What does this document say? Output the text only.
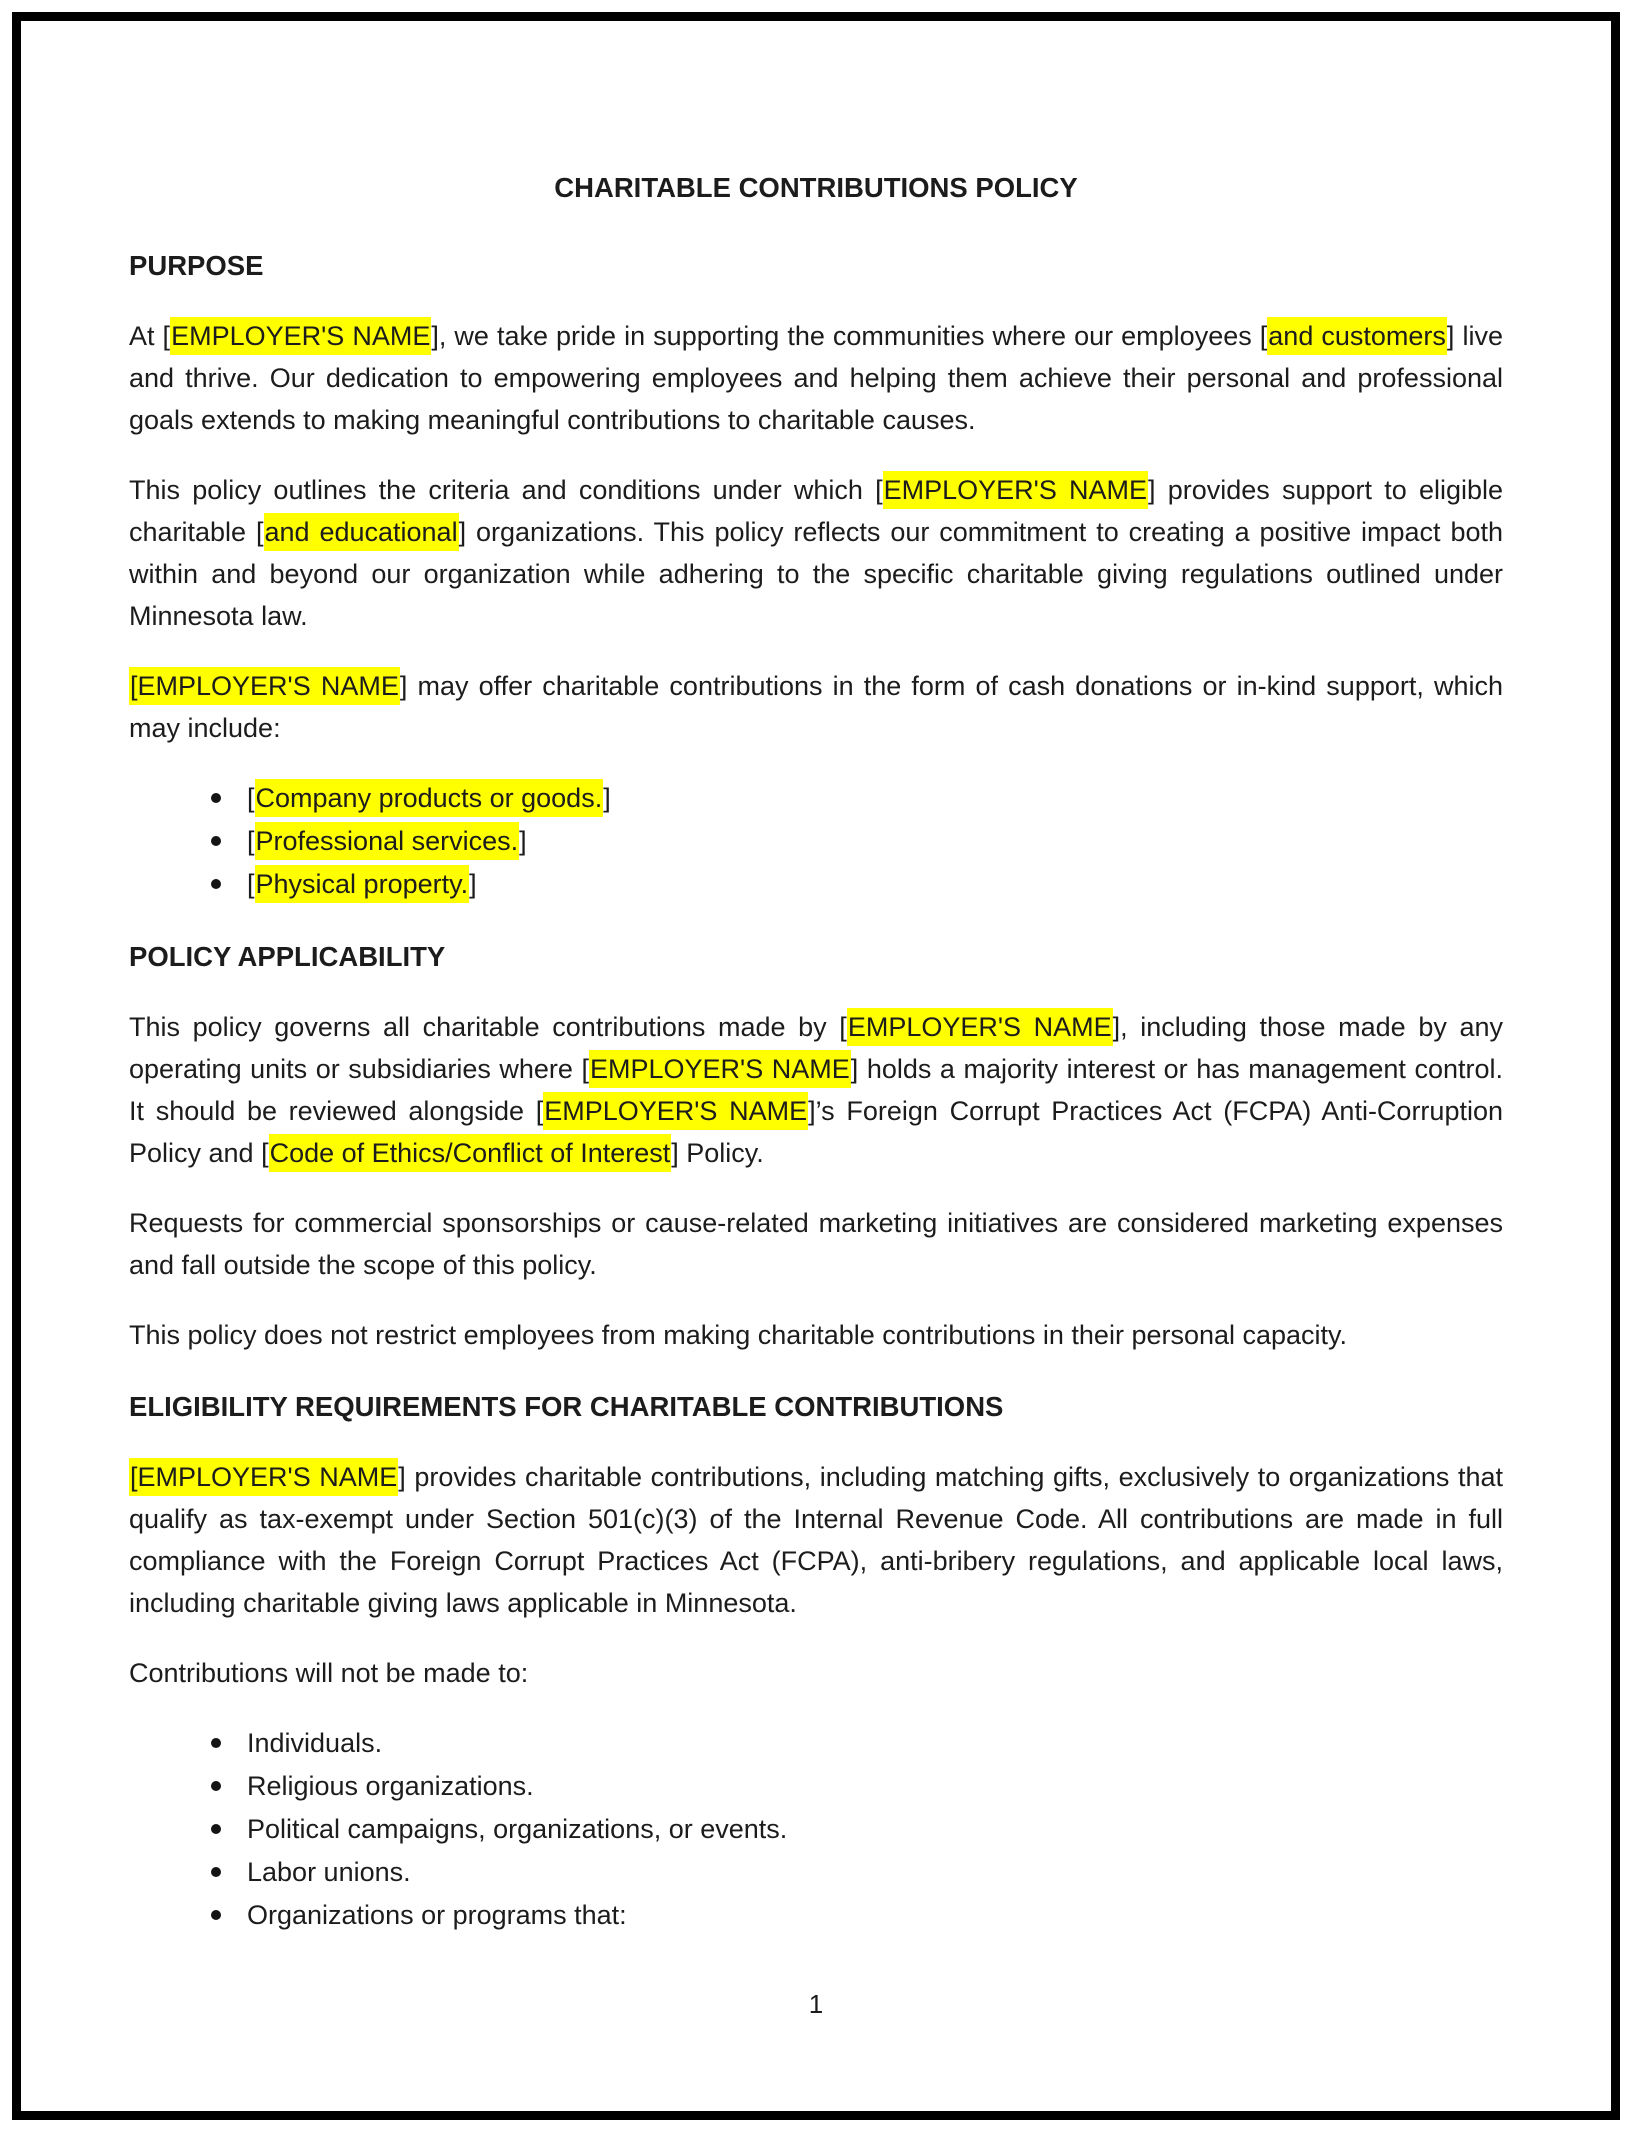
CHARITABLE CONTRIBUTIONS POLICY
PURPOSE

At [EMPLOYER'S NAME], we take pride in supporting the communities where our employees [and customers] live and thrive. Our dedication to empowering employees and helping them achieve their personal and professional goals extends to making meaningful contributions to charitable causes.

This policy outlines the criteria and conditions under which [EMPLOYER'S NAME] provides support to eligible charitable [and educational] organizations. This policy reflects our commitment to creating a positive impact both within and beyond our organization while adhering to the specific charitable giving regulations outlined under Minnesota law.

[EMPLOYER'S NAME] may offer charitable contributions in the form of cash donations or in-kind support, which may include:

[Company products or goods.]
[Professional services.]
[Physical property.]
POLICY APPLICABILITY

This policy governs all charitable contributions made by [EMPLOYER'S NAME], including those made by any operating units or subsidiaries where [EMPLOYER'S NAME] holds a majority interest or has management control. It should be reviewed alongside [EMPLOYER'S NAME]’s Foreign Corrupt Practices Act (FCPA) Anti-Corruption Policy and [Code of Ethics/Conflict of Interest] Policy.

Requests for commercial sponsorships or cause-related marketing initiatives are considered marketing expenses and fall outside the scope of this policy.

This policy does not restrict employees from making charitable contributions in their personal capacity.

ELIGIBILITY REQUIREMENTS FOR CHARITABLE CONTRIBUTIONS

[EMPLOYER'S NAME] provides charitable contributions, including matching gifts, exclusively to organizations that qualify as tax-exempt under Section 501(c)(3) of the Internal Revenue Code. All contributions are made in full compliance with the Foreign Corrupt Practices Act (FCPA), anti-bribery regulations, and applicable local laws, including charitable giving laws applicable in Minnesota.

Contributions will not be made to:

Individuals.
Religious organizations.
Political campaigns, organizations, or events.
Labor unions.
Organizations or programs that:
1
